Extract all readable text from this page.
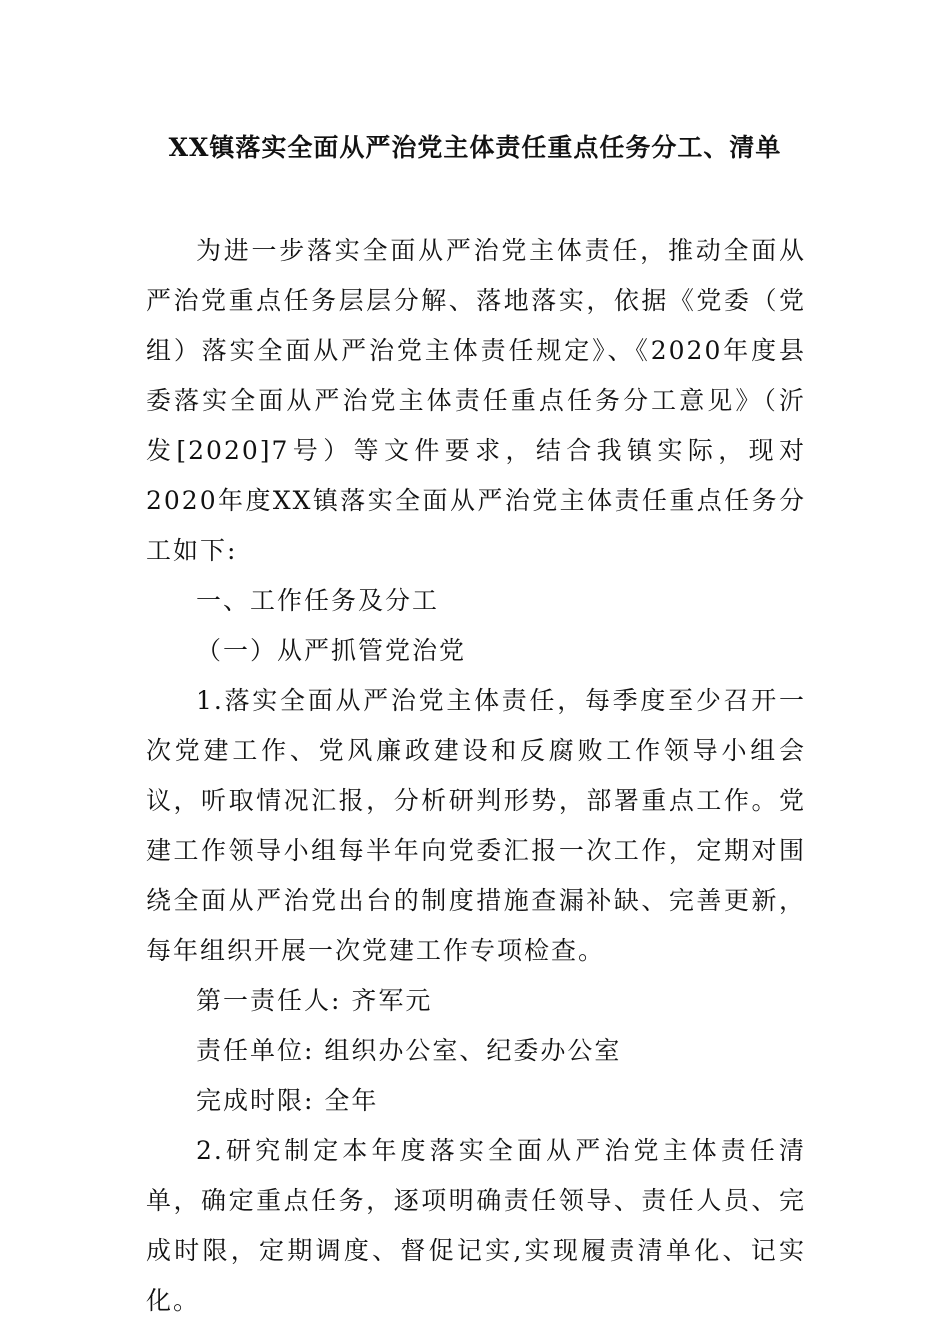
XX镇落实全面从严治党主体责任重点任务分工、清单

为进一步落实全面从严治党主体责任，推动全面从严治党重点任务层层分解、落地落实，依据《党委（党组）落实全面从严治党主体责任规定》、《2020年度县委落实全面从严治党主体责任重点任务分工意见》（沂发[2020]7号）等文件要求，结合我镇实际，现对2020年度XX镇落实全面从严治党主体责任重点任务分工如下:

一、工作任务及分工

（一）从严抓管党治党

1.落实全面从严治党主体责任，每季度至少召开一次党建工作、党风廉政建设和反腐败工作领导小组会议，听取情况汇报，分析研判形势，部署重点工作。党建工作领导小组每半年向党委汇报一次工作，定期对围绕全面从严治党出台的制度措施查漏补缺、完善更新，每年组织开展一次党建工作专项检查。

第一责任人: 齐军元

责任单位: 组织办公室、纪委办公室

完成时限: 全年

2.研究制定本年度落实全面从严治党主体责任清单，确定重点任务，逐项明确责任领导、责任人员、完成时限，定期调度、督促记实,实现履责清单化、记实化。
